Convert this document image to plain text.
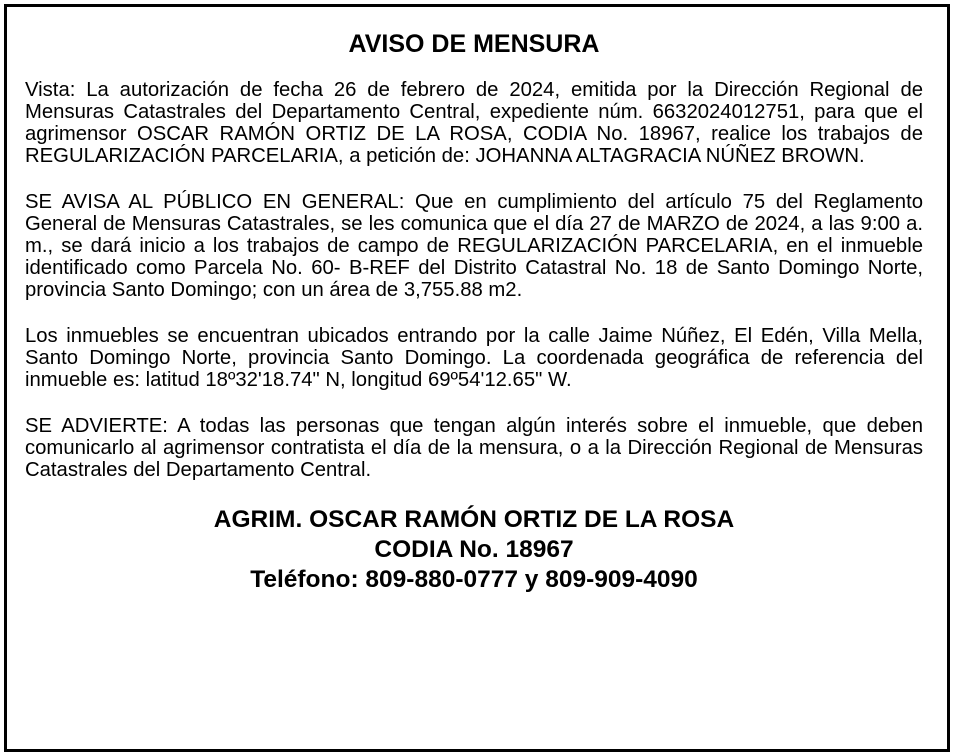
AVISO DE MENSURA

Vista: La autorización de fecha 26 de febrero de 2024, emitida por la Dirección Regional de Mensuras Catastrales del Departamento Central, expediente núm. 6632024012751, para que el agrimensor OSCAR RAMÓN ORTIZ DE LA ROSA, CODIA No. 18967, realice los trabajos de REGULARIZACIÓN PARCELARIA, a petición de: JOHANNA ALTAGRACIA NÚÑEZ BROWN.

SE AVISA AL PÚBLICO EN GENERAL: Que en cumplimiento del artículo 75 del Reglamento General de Mensuras Catastrales, se les comunica que el día 27 de MARZO de 2024, a las 9:00 a. m., se dará inicio a los trabajos de campo de REGULARIZACIÓN PARCELARIA, en el inmueble identificado como Parcela No. 60- B-REF del Distrito Catastral No. 18 de Santo Domingo Norte, provincia Santo Domingo; con un área de 3,755.88 m2.

Los inmuebles se encuentran ubicados entrando por la calle Jaime Núñez, El Edén, Villa Mella, Santo Domingo Norte, provincia Santo Domingo. La coordenada geográfica de referencia del inmueble es: latitud 18º32'18.74" N, longitud 69º54'12.65" W.

SE ADVIERTE: A todas las personas que tengan algún interés sobre el inmueble, que deben comunicarlo al agrimensor contratista el día de la mensura, o a la Dirección Regional de Mensuras Catastrales del Departamento Central.

AGRIM. OSCAR RAMÓN ORTIZ DE LA ROSA
CODIA No. 18967
Teléfono: 809-880-0777 y 809-909-4090
